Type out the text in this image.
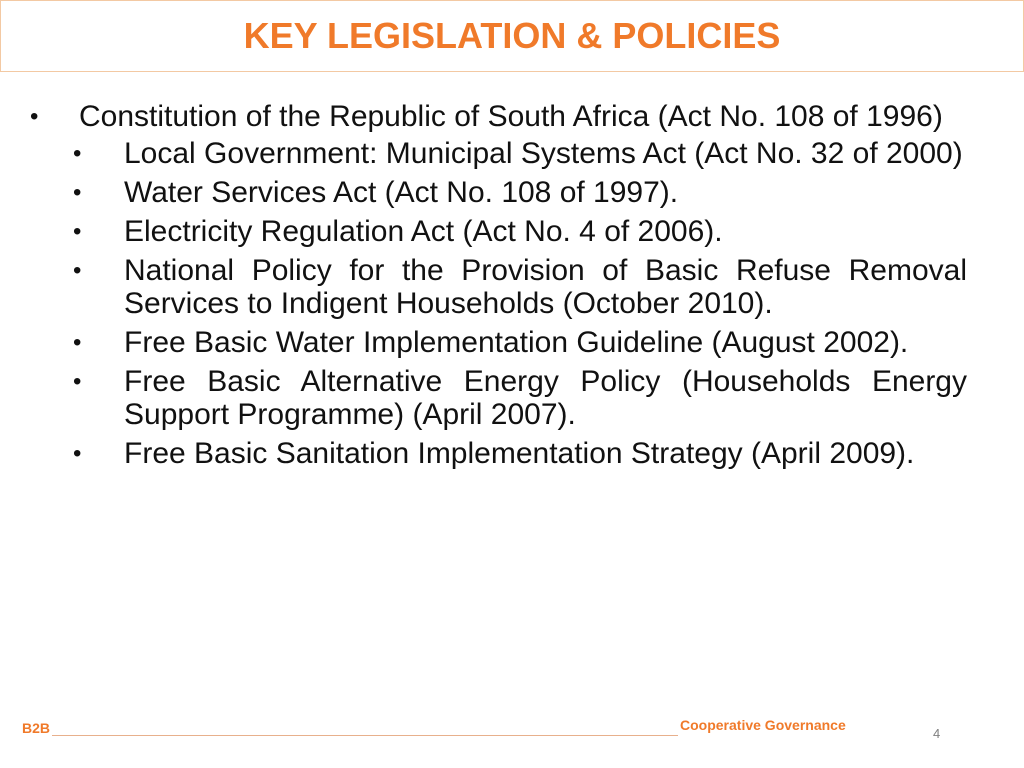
KEY LEGISLATION & POLICIES
• Constitution of the Republic of South Africa (Act No. 108 of 1996)
• Local Government: Municipal Systems Act (Act No. 32 of 2000)
• Water Services Act (Act No. 108 of 1997).
• Electricity Regulation Act (Act No. 4 of 2006).
• National Policy for the Provision of Basic Refuse Removal Services to Indigent Households (October 2010).
• Free Basic Water Implementation Guideline (August 2002).
• Free Basic Alternative Energy Policy (Households Energy Support Programme) (April 2007).
• Free Basic Sanitation Implementation Strategy (April 2009).
B2B	Cooperative Governance
4
